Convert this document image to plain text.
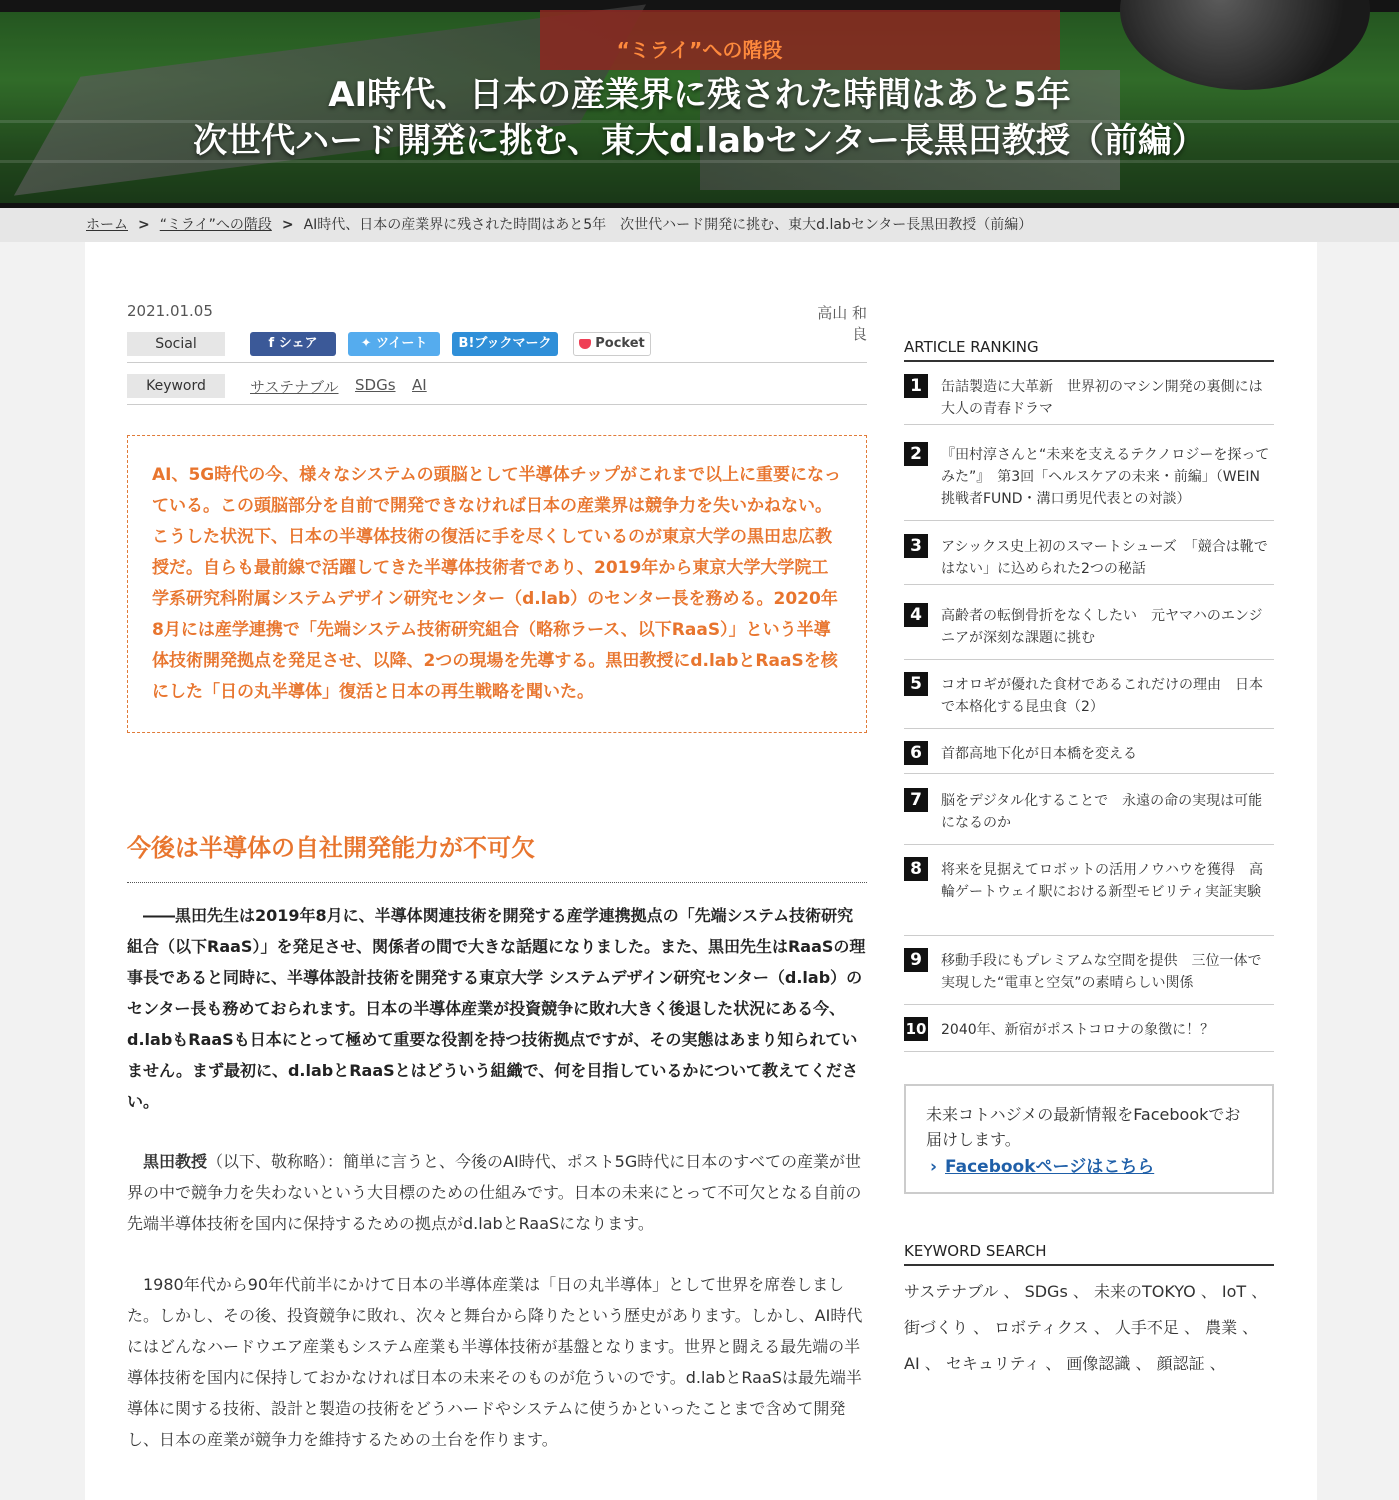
“ミライ”への階段
AI時代、日本の産業界に残された時間はあと5年
次世代ハード開発に挑む、東大d.labセンター長黒田教授（前編）
ホーム > “ミライ”への階段 > AI時代、日本の産業界に残された時間はあと5年　次世代ハード開発に挑む、東大d.labセンター長黒田教授（前編）
2021.01.05	高山 和良
Social	f シェア	✦ ツイート	B!ブックマーク	Pocket
Keyword	サステナブル SDGs AI

AI、5G時代の今、様々なシステムの頭脳として半導体チップがこれまで以上に重要になっている。この頭脳部分を自前で開発できなければ日本の産業界は競争力を失いかねない。こうした状況下、日本の半導体技術の復活に手を尽くしているのが東京大学の黒田忠広教授だ。自らも最前線で活躍してきた半導体技術者であり、2019年から東京大学大学院工学系研究科附属システムデザイン研究センター（d.lab）のセンター長を務める。2020年8月には産学連携で「先端システム技術研究組合（略称ラース、以下RaaS）」という半導体技術開発拠点を発足させ、以降、2つの現場を先導する。黒田教授にd.labとRaaSを核にした「日の丸半導体」復活と日本の再生戦略を聞いた。

今後は半導体の自社開発能力が不可欠

――黒田先生は2019年8月に、半導体関連技術を開発する産学連携拠点の「先端システム技術研究組合（以下RaaS）」を発足させ、関係者の間で大きな話題になりました。また、黒田先生はRaaSの理事長であると同時に、半導体設計技術を開発する東京大学 システムデザイン研究センター（d.lab）のセンター長も務めておられます。日本の半導体産業が投資競争に敗れ大きく後退した状況にある今、d.labもRaaSも日本にとって極めて重要な役割を持つ技術拠点ですが、その実態はあまり知られていません。まず最初に、d.labとRaaSとはどういう組織で、何を目指しているかについて教えてください。

黒田教授（以下、敬称略）：簡単に言うと、今後のAI時代、ポスト5G時代に日本のすべての産業が世界の中で競争力を失わないという大目標のための仕組みです。日本の未来にとって不可欠となる自前の先端半導体技術を国内に保持するための拠点がd.labとRaaSになります。

1980年代から90年代前半にかけて日本の半導体産業は「日の丸半導体」として世界を席巻しました。しかし、その後、投資競争に敗れ、次々と舞台から降りたという歴史があります。しかし、AI時代にはどんなハードウエア産業もシステム産業も半導体技術が基盤となります。世界と闘える最先端の半導体技術を国内に保持しておかなければ日本の未来そのものが危ういのです。d.labとRaaSは最先端半導体に関する技術、設計と製造の技術をどうハードやシステムに使うかといったことまで含めて開発し、日本の産業が競争力を維持するための土台を作ります。

ARTICLE RANKING
1	缶詰製造に大革新　世界初のマシン開発の裏側には大人の青春ドラマ
2	『田村淳さんと“未来を支えるテクノロジーを探ってみた”』　第3回「ヘルスケアの未来・前編」（WEIN挑戦者FUND・溝口勇児代表との対談）
3	アシックス史上初のスマートシューズ　「競合は靴ではない」に込められた2つの秘話
4	高齢者の転倒骨折をなくしたい　元ヤマハのエンジニアが深刻な課題に挑む
5	コオロギが優れた食材であるこれだけの理由　日本で本格化する昆虫食（2）
6	首都高地下化が日本橋を変える
7	脳をデジタル化することで　永遠の命の実現は可能になるのか
8	将来を見据えてロボットの活用ノウハウを獲得　高輪ゲートウェイ駅における新型モビリティ実証実験
9	移動手段にもプレミアムな空間を提供　三位一体で実現した“電車と空気”の素晴らしい関係
10 2040年、新宿がポストコロナの象徴に！？
未来コトハジメの最新情報をFacebookでお届けします。
› Facebookページはこちら
KEYWORD SEARCH
サステナブル 、 SDGs 、 未来のTOKYO 、 IoT 、 街づくり 、 ロボティクス 、 人手不足 、 農業 、 AI 、 セキュリティ 、 画像認識 、 顔認証 、
